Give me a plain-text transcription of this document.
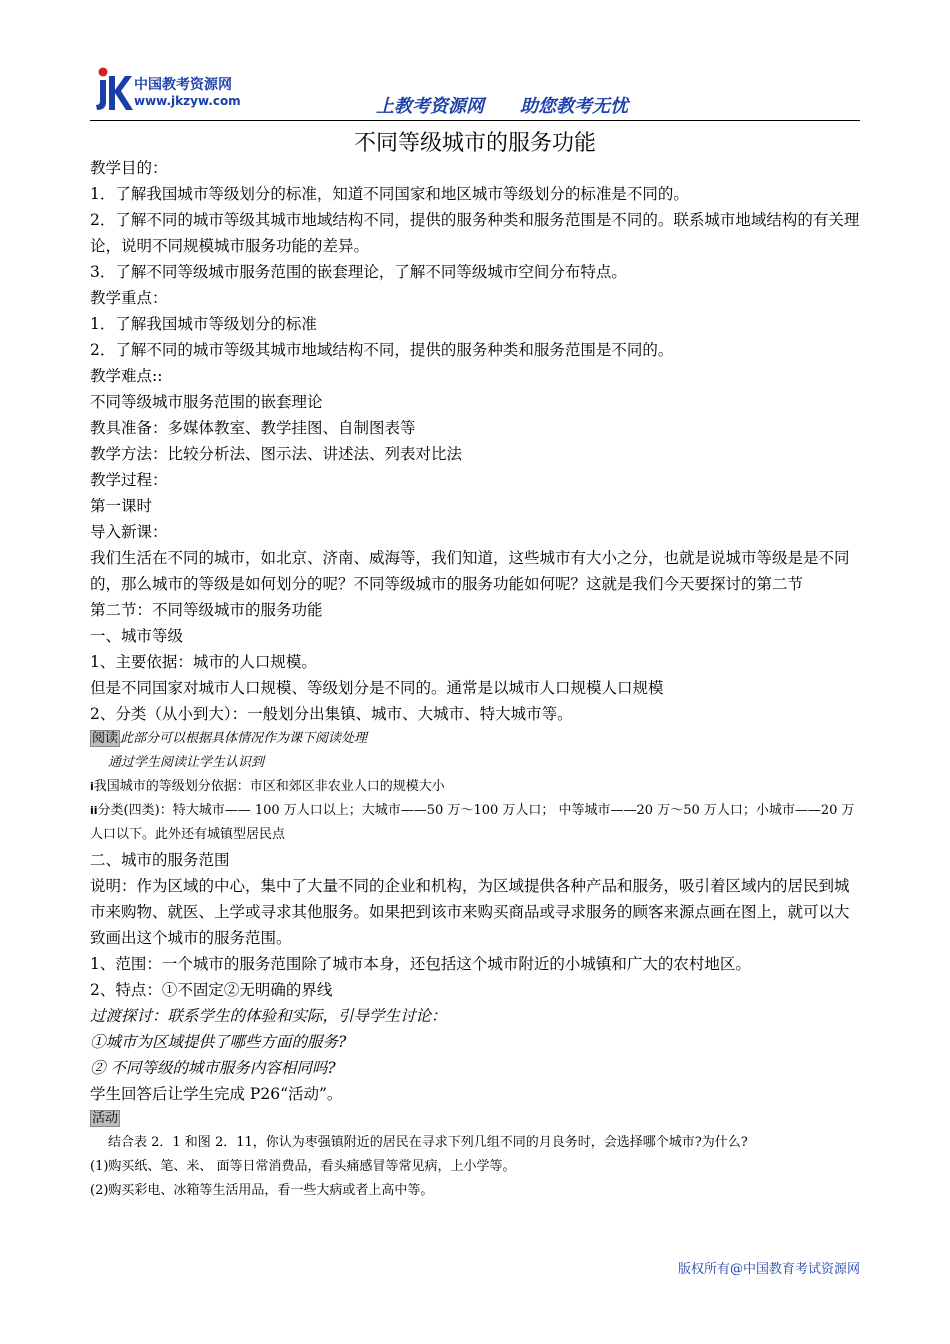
中国教考资源网
www.jkzyw.com	上教考资源网　　助您教考无忧
不同等级城市的服务功能

教学目的：

1．了解我国城市等级划分的标准，知道不同国家和地区城市等级划分的标准是不同的。

2．了解不同的城市等级其城市地域结构不同，提供的服务种类和服务范围是不同的。联系城市地域结构的有关理论，说明不同规模城市服务功能的差异。

3．了解不同等级城市服务范围的嵌套理论，了解不同等级城市空间分布特点。

教学重点：

1．了解我国城市等级划分的标准

2．了解不同的城市等级其城市地域结构不同，提供的服务种类和服务范围是不同的。

教学难点::

不同等级城市服务范围的嵌套理论

教具准备：多媒体教室、教学挂图、自制图表等

教学方法：比较分析法、图示法、讲述法、列表对比法

教学过程：

第一课时

导入新课：

我们生活在不同的城市，如北京、济南、威海等，我们知道，这些城市有大小之分，也就是说城市等级是是不同的，那么城市的等级是如何划分的呢？不同等级城市的服务功能如何呢？这就是我们今天要探讨的第二节

第二节：不同等级城市的服务功能

一、城市等级

1、主要依据：城市的人口规模。

但是不同国家对城市人口规模、等级划分是不同的。通常是以城市人口规模人口规模

2、分类（从小到大）：一般划分出集镇、城市、大城市、特大城市等。

阅读 此部分可以根据具体情况作为课下阅读处理

通过学生阅读让学生认识到

i我国城市的等级划分依据：市区和郊区非农业人口的规模大小

ii分类(四类)：特大城市—— 100 万人口以上；大城市——50 万～100 万人口； 中等城市——20 万～50 万人口；小城市——20 万人口以下。此外还有城镇型居民点

二、城市的服务范围

说明：作为区域的中心，集中了大量不同的企业和机构，为区域提供各种产品和服务，吸引着区域内的居民到城市来购物、就医、上学或寻求其他服务。如果把到该市来购买商品或寻求服务的顾客来源点画在图上，就可以大致画出这个城市的服务范围。

1、范围：一个城市的服务范围除了城市本身，还包括这个城市附近的小城镇和广大的农村地区。

2、特点：①不固定②无明确的界线

过渡探讨：联系学生的体验和实际，引导学生讨论：

①城市为区域提供了哪些方面的服务?

② 不同等级的城市服务内容相同吗?

学生回答后让学生完成 P26“活动”。

活动

结合表 2．1 和图 2．11，你认为枣强镇附近的居民在寻求下列几组不同的月良务时，会选择哪个城市?为什么?

(1)购买纸、笔、米、 面等日常消费品，看头痛感冒等常见病，上小学等。

(2)购买彩电、冰箱等生活用品，看一些大病或者上高中等。

版权所有@中国教育考试资源网
